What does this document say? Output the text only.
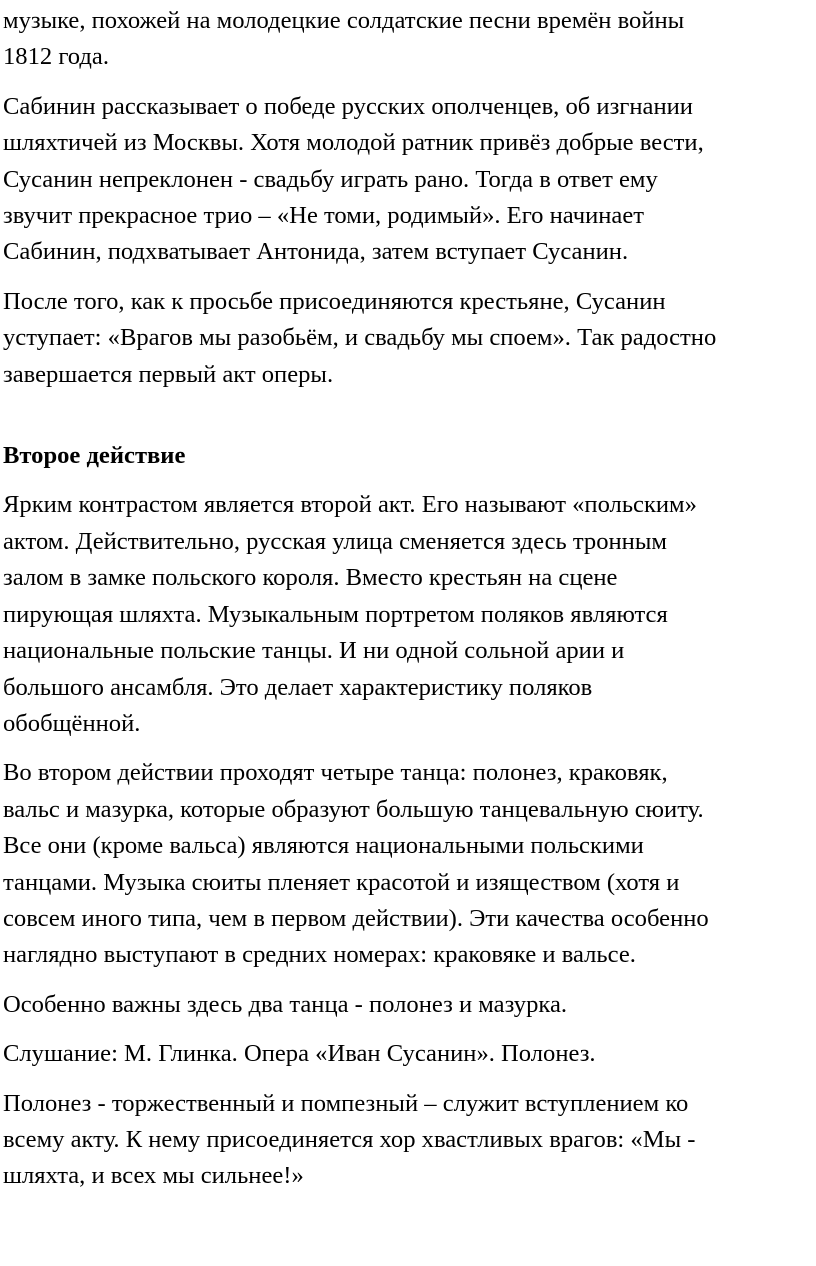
музыке, похожей на молодецкие солдатские песни времён войны
1812 года.

Сабинин рассказывает о победе русских ополченцев, об изгнании
шляхтичей из Москвы. Хотя молодой ратник привёз добрые вести,
Сусанин непреклонен - свадьбу играть рано. Тогда в ответ ему
звучит прекрасное трио – «Не томи, родимый». Его начинает
Сабинин, подхватывает Антонида, затем вступает Сусанин.

После того, как к просьбе присоединяются крестьяне, Сусанин
уступает: «Врагов мы разобьём, и свадьбу мы споем». Так радостно
завершается первый акт оперы.

Второе действие

Ярким контрастом является второй акт. Его называют «польским»
актом. Действительно, русская улица сменяется здесь тронным
залом в замке польского короля. Вместо крестьян на сцене
пирующая шляхта. Музыкальным портретом поляков являются
национальные польские танцы. И ни одной сольной арии и
большого ансамбля. Это делает характеристику поляков
обобщённой.

Во втором действии проходят четыре танца: полонез, краковяк,
вальс и мазурка, которые образуют большую танцевальную сюиту.
Все они (кроме вальса) являются национальными польскими
танцами. Музыка сюиты пленяет красотой и изяществом (хотя и
совсем иного типа, чем в первом действии). Эти качества особенно
наглядно выступают в средних номерах: краковяке и вальсе.

Особенно важны здесь два танца - полонез и мазурка.

Слушание: М. Глинка. Опера «Иван Сусанин». Полонез.

Полонез - торжественный и помпезный – служит вступлением ко
всему акту. К нему присоединяется хор хвастливых врагов: «Мы -
шляхта, и всех мы сильнее!»
